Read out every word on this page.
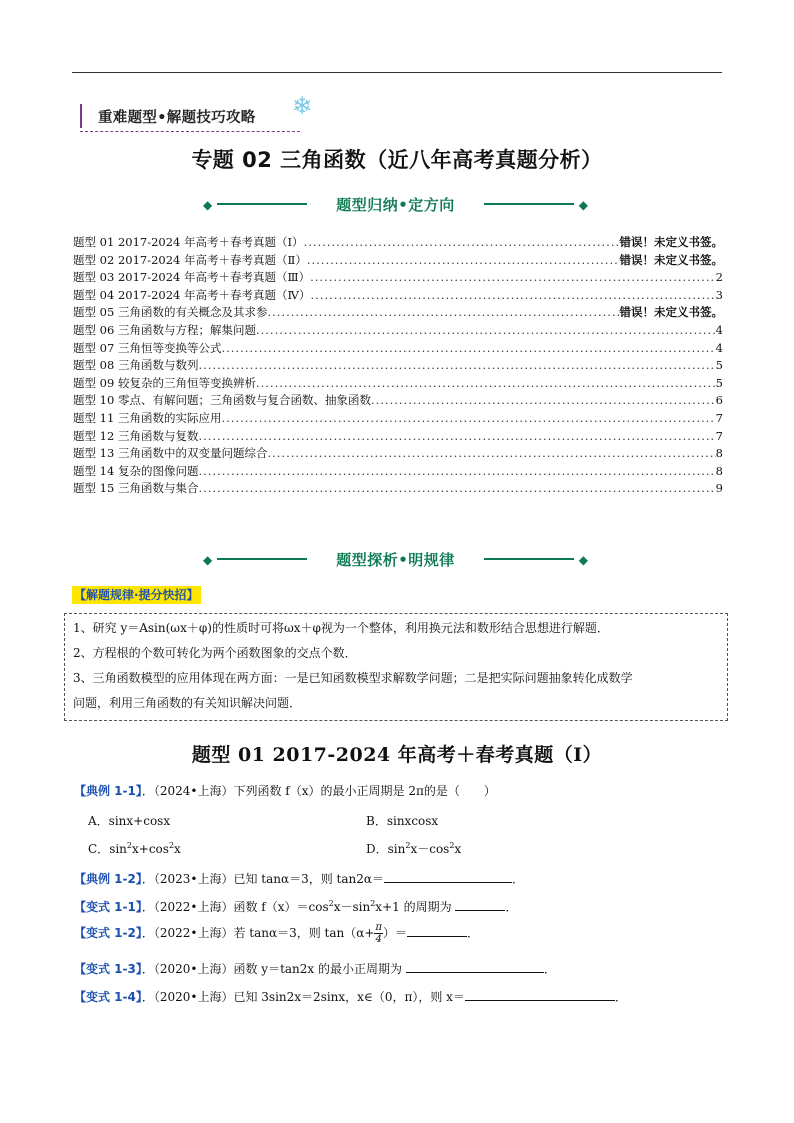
重难题型•解题技巧攻略 ❄
专题 02 三角函数（近八年高考真题分析）
◆	题型归纳•定方向	◆
题型 01 2017-2024 年高考＋春考真题（I） .....	错误！未定义书签。
题型 02 2017-2024 年高考＋春考真题（Ⅱ） .....	错误！未定义书签。
题型 03 2017-2024 年高考＋春考真题（Ⅲ） .....	2
题型 04 2017-2024 年高考＋春考真题（Ⅳ） .....	3
题型 05 三角函数的有关概念及其求参 .....	错误！未定义书签。
题型 06 三角函数与方程；解集问题 .....	4
题型 07 三角恒等变换等公式 .....	4
题型 08 三角函数与数列 .....	5
题型 09 较复杂的三角恒等变换辨析 .....	5
题型 10 零点、有解问题；三角函数与复合函数、抽象函数 .....	6
题型 11 三角函数的实际应用 .....	7
题型 12 三角函数与复数 .....	7
题型 13 三角函数中的双变量问题综合 .....	8
题型 14 复杂的图像问题 .....	8
题型 15 三角函数与集合 .....	9
◆	题型探析•明规律	◆
【解题规律·提分快招】

1、研究 y＝Asin(ωx＋φ)的性质时可将ωx＋φ视为一个整体，利用换元法和数形结合思想进行解题．

2、方程根的个数可转化为两个函数图象的交点个数．

3、三角函数模型的应用体现在两方面：一是已知函数模型求解数学问题；二是把实际问题抽象转化成数学

问题，利用三角函数的有关知识解决问题．

题型 01 2017-2024 年高考＋春考真题（I）
【典例 1-1】．（2024•上海）下列函数 f（x）的最小正周期是 2π的是（　　）
A．sinx+cosx	B．sinxcosx
C．$\sin^2x+\cos^2x$	D．$\sin^2x-\cos^2x$
【典例 1-2】．（2023•上海）已知 tanα＝3，则 tan2α＝	．
【变式 1-1】．（2022•上海）函数 $f(x)=\cos^2x-\sin^2x+1$ 的周期为	．
【变式 1-2】．（2022•上海）若 tanα＝3，则 $\tan(\alpha+ \frac{\pi}{4}$ ）＝	．
【变式 1-3】．（2020•上海）函数 y＝tan2x 的最小正周期为	．
【变式 1-4】．（2020•上海）已知 3sin2x＝2sinx，x∈（0，π），则 x＝	．
